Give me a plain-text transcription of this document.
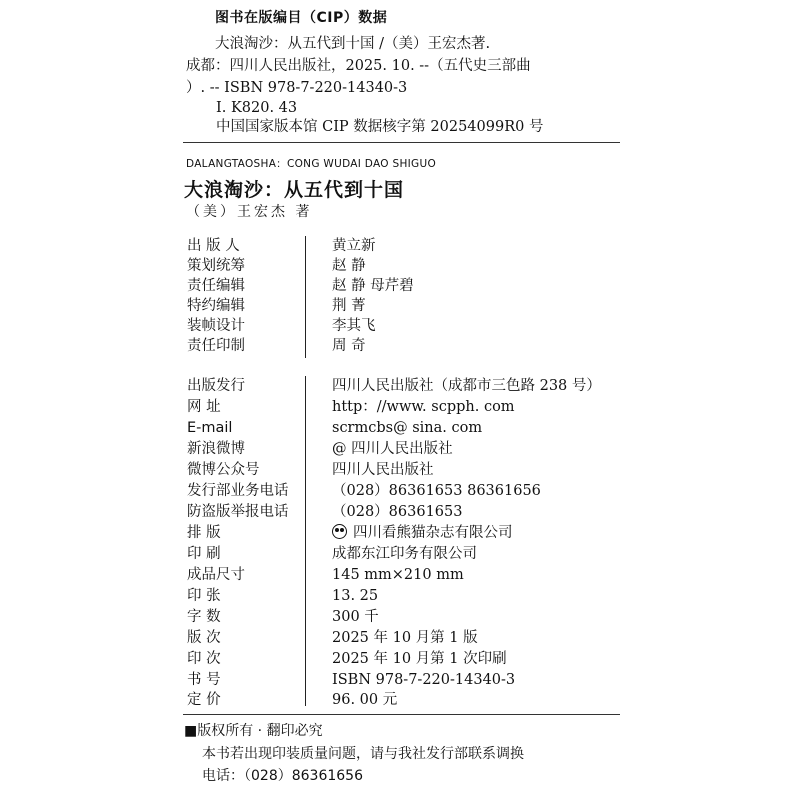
图书在版编目（CIP）数据
大浪淘沙：从五代到十国 /（美）王宏杰著.
成都：四川人民出版社，2025. 10. --（五代史三部曲
）. -- ISBN 978-7-220-14340-3
Ⅰ. K820. 43
中国国家版本馆 CIP 数据核字第 20254099R0 号
DALANGTAOSHA：CONG WUDAI DAO SHIGUO
大浪淘沙：从五代到十国
（美）王宏杰 著
出 版 人	黄立新
策划统筹	赵 静
责任编辑	赵 静 母芹碧
特约编辑	荆 菁
装帧设计	李其飞
责任印制	周 奇
出版发行	四川人民出版社（成都市三色路 238 号）
网 址	http：//www. scpph. com
E-mail	scrmcbs@ sina. com
新浪微博	@ 四川人民出版社
微博公众号	四川人民出版社
发行部业务电话	（028）86361653 86361656
防盗版举报电话	（028）86361653
排 版	四川看熊猫杂志有限公司
印 刷	成都东江印务有限公司
成品尺寸	145 mm×210 mm
印 张	13. 25
字 数	300 千
版 次	2025 年 10 月第 1 版
印 次	2025 年 10 月第 1 次印刷
书 号	ISBN 978-7-220-14340-3
定 价	96. 00 元
■版权所有 · 翻印必究
本书若出现印装质量问题，请与我社发行部联系调换
电话：（028）86361656
